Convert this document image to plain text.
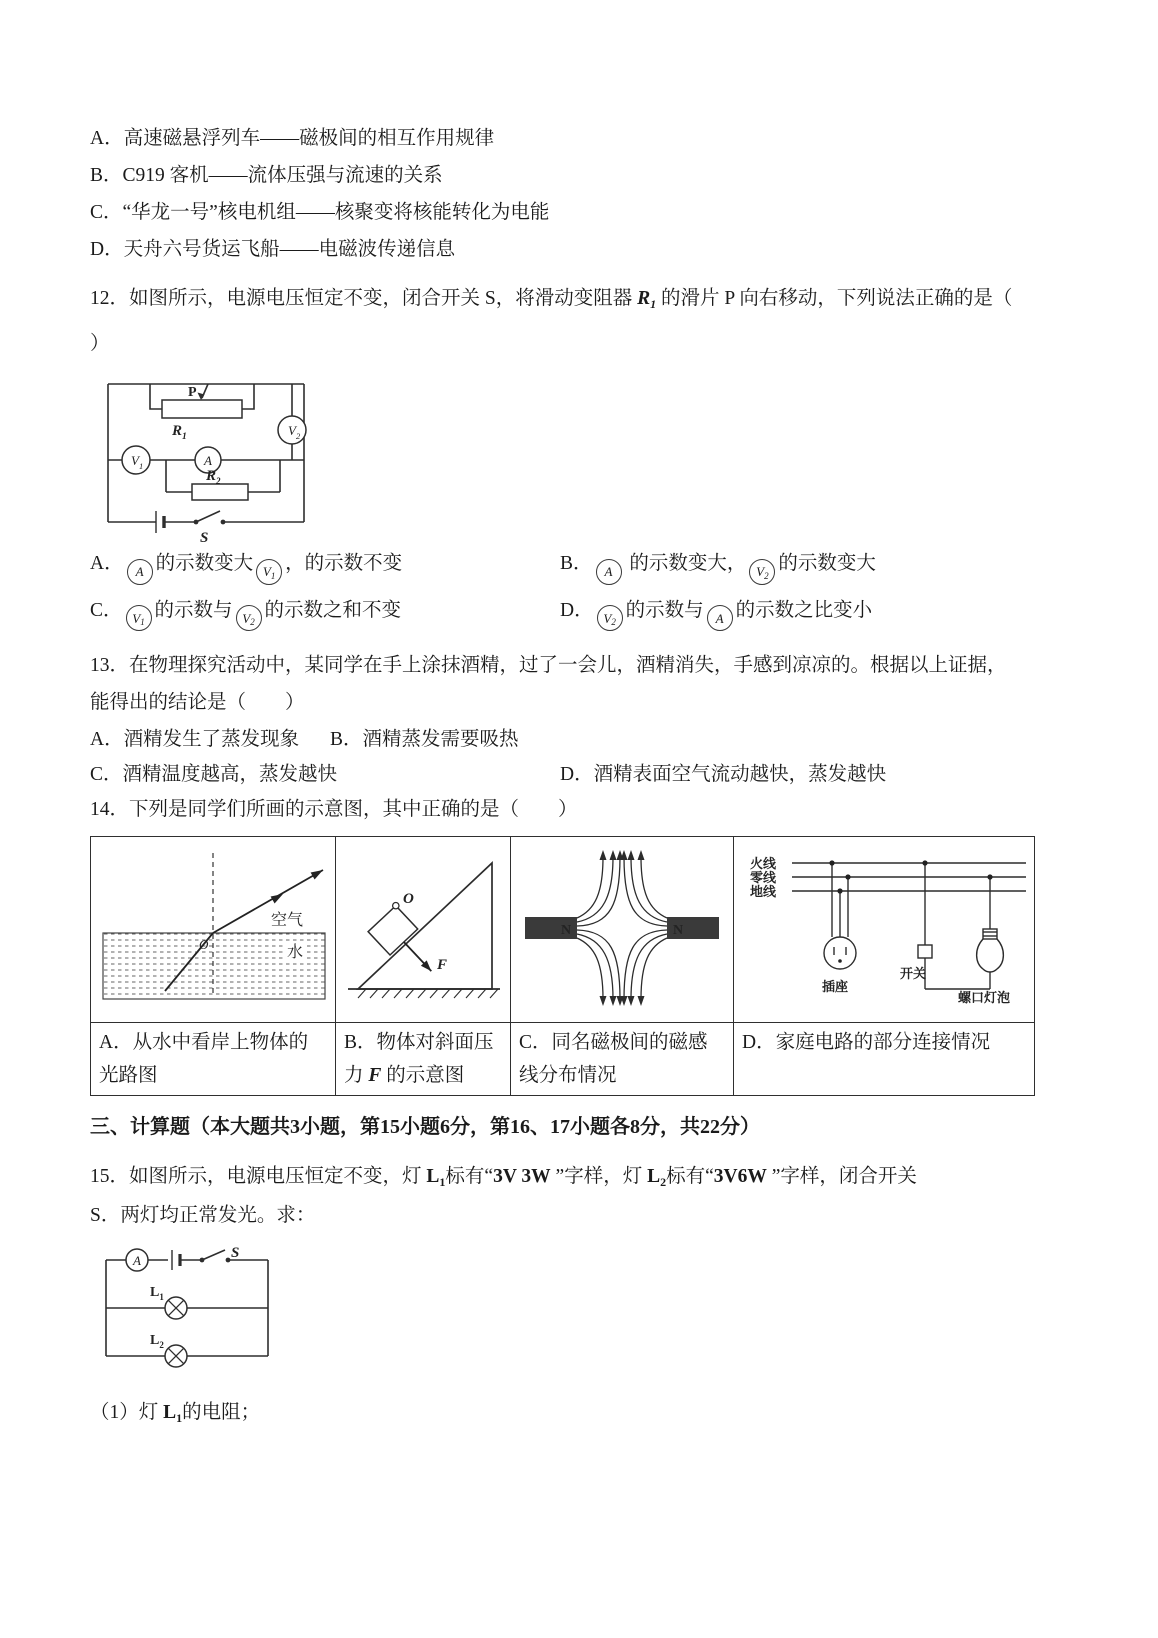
A．高速磁悬浮列车——磁极间的相互作用规律
B．C919 客机——流体压强与流速的关系
C．“华龙一号”核电机组——核聚变将核能转化为电能
D．天舟六号货运飞船——电磁波传递信息
12．如图所示，电源电压恒定不变，闭合开关 S，将滑动变阻器 $R_1$ 的滑片 P 向右移动，下列说法正确的是（
）
P
$R_1$	$V_2$
$V_1$	A
$R_2$
S
A． A 的示数变大 V 1
，的示数不变	B． A 的示数变大， V 2
的示数变大
C． V 1
的示数与 V 2
的示数之和不变	D． V 2
的示数与 A 的示数之比变小
13．在物理探究活动中，某同学在手上涂抹酒精，过了一会儿，酒精消失，手感到凉凉的。根据以上证据，
能得出的结论是（　　）
A．酒精发生了蒸发现象	B．酒精蒸发需要吸热
C．酒精温度越高，蒸发越快	D．酒精表面空气流动越快，蒸发越快
14．下列是同学们所画的示意图，其中正确的是（　　）
空气
水
O

O
F

N	N

火线
零线
地线
插座
开关
螺口灯泡

A．从水中看岸上物体的光路图	B．物体对斜面压力 F 的示意图	C．同名磁极间的磁感线分布情况	D．家庭电路的部分连接情况
三、计算题（本大题共3小题，第15小题6分，第16、17小题各8分，共22分）
15．如图所示，电源电压恒定不变，灯 $L_1$标有“3V 3W ”字样，灯 $L_2$标有“3V6W ”字样，闭合开关
S．两灯均正常发光。求：
A	S
$L_1$
$L_2$
（1）灯 $L_1$的电阻；
